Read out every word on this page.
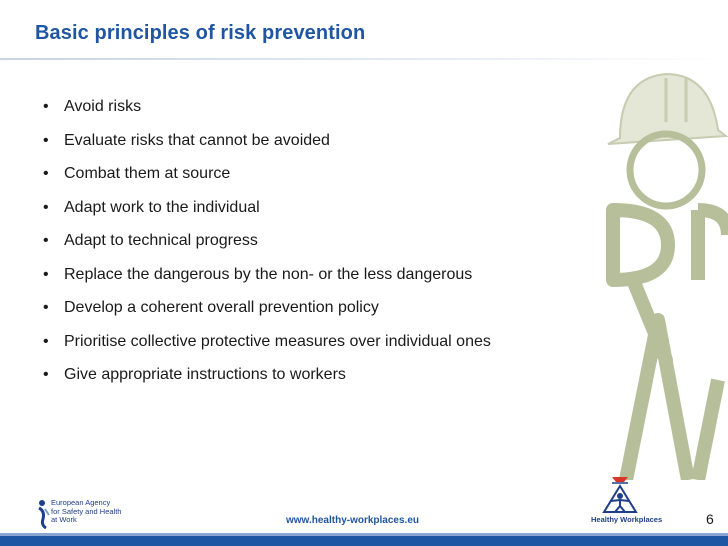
Basic principles of risk prevention
• Avoid risks
• Evaluate risks that cannot be avoided
• Combat them at source
• Adapt work to the individual
• Adapt to technical progress
• Replace the dangerous by the non- or the less dangerous
• Develop a coherent overall prevention policy
• Prioritise collective protective measures over individual ones
• Give appropriate instructions to workers
European Agency
for Safety and Health
at Work	www.healthy-workplaces.eu	Healthy Workplaces	6
